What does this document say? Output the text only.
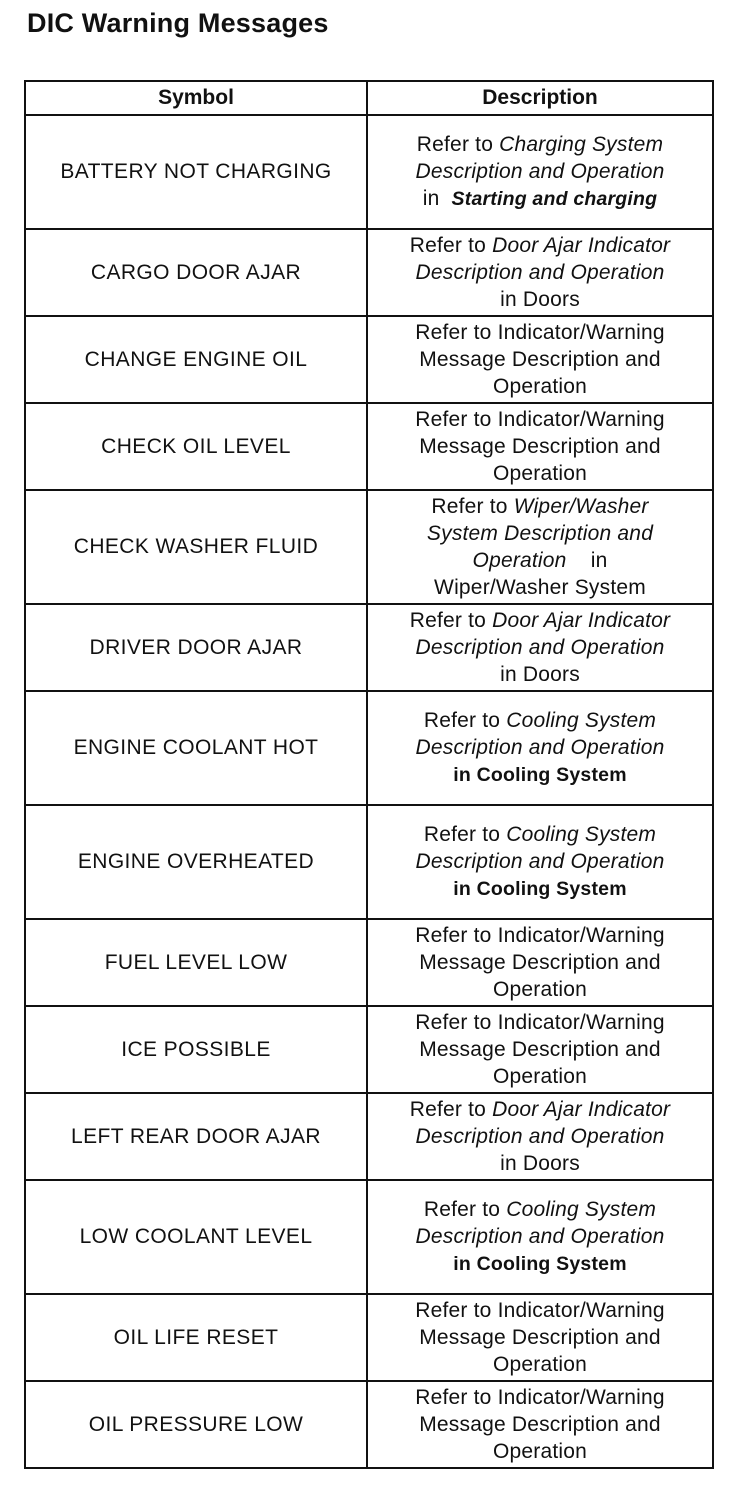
DIC Warning Messages
Symbol	Description
BATTERY NOT CHARGING	Refer to Charging System
Description and Operation
in  Starting and charging

CARGO DOOR AJAR	Refer to Door Ajar Indicator
Description and Operation
in Doors

CHANGE ENGINE OIL	Refer to Indicator/Warning
Message Description and
Operation

CHECK OIL LEVEL	Refer to Indicator/Warning
Message Description and
Operation

CHECK WASHER FLUID	Refer to Wiper/Washer
System Description and
Operation    in
Wiper/Washer System

DRIVER DOOR AJAR	Refer to Door Ajar Indicator
Description and Operation
in Doors

ENGINE COOLANT HOT	Refer to Cooling System
Description and Operation
in Cooling System

ENGINE OVERHEATED	Refer to Cooling System
Description and Operation
in Cooling System

FUEL LEVEL LOW	Refer to Indicator/Warning
Message Description and
Operation

ICE POSSIBLE	Refer to Indicator/Warning
Message Description and
Operation

LEFT REAR DOOR AJAR	Refer to Door Ajar Indicator
Description and Operation
in Doors

LOW COOLANT LEVEL	Refer to Cooling System
Description and Operation
in Cooling System

OIL LIFE RESET	Refer to Indicator/Warning
Message Description and
Operation

OIL PRESSURE LOW	Refer to Indicator/Warning
Message Description and
Operation
